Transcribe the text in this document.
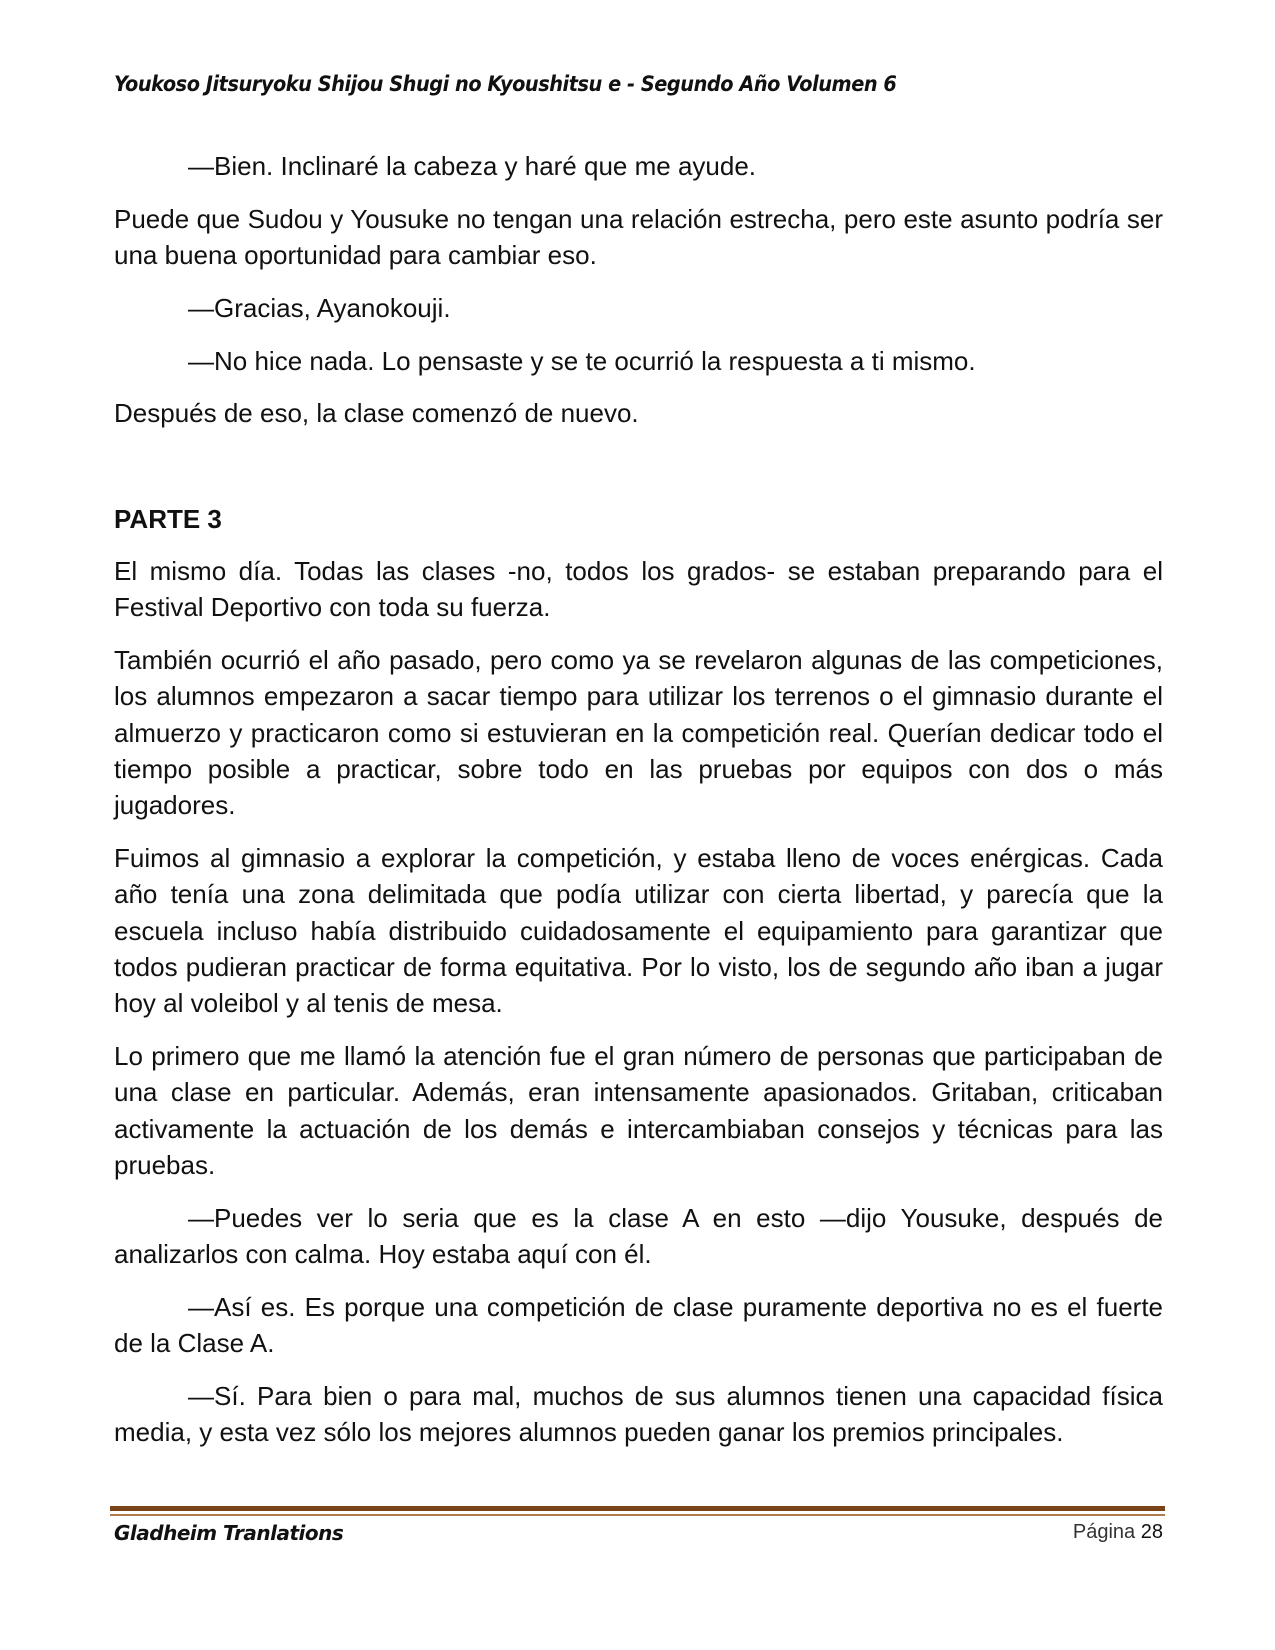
Youkoso Jitsuryoku Shijou Shugi no Kyoushitsu e - Segundo Año Volumen 6

—Bien. Inclinaré la cabeza y haré que me ayude.

Puede que Sudou y Yousuke no tengan una relación estrecha, pero este asunto podría ser una buena oportunidad para cambiar eso.

—Gracias, Ayanokouji.

—No hice nada. Lo pensaste y se te ocurrió la respuesta a ti mismo.

Después de eso, la clase comenzó de nuevo.

PARTE 3

El mismo día. Todas las clases -no, todos los grados- se estaban preparando para el Festival Deportivo con toda su fuerza.

También ocurrió el año pasado, pero como ya se revelaron algunas de las competiciones, los alumnos empezaron a sacar tiempo para utilizar los terrenos o el gimnasio durante el almuerzo y practicaron como si estuvieran en la competición real. Querían dedicar todo el tiempo posible a practicar, sobre todo en las pruebas por equipos con dos o más jugadores.

Fuimos al gimnasio a explorar la competición, y estaba lleno de voces enérgicas. Cada año tenía una zona delimitada que podía utilizar con cierta libertad, y parecía que la escuela incluso había distribuido cuidadosamente el equipamiento para garantizar que todos pudieran practicar de forma equitativa. Por lo visto, los de segundo año iban a jugar hoy al voleibol y al tenis de mesa.

Lo primero que me llamó la atención fue el gran número de personas que participaban de una clase en particular. Además, eran intensamente apasionados. Gritaban, criticaban activamente la actuación de los demás e intercambiaban consejos y técnicas para las pruebas.

—Puedes ver lo seria que es la clase A en esto —dijo Yousuke, después de analizarlos con calma. Hoy estaba aquí con él.

—Así es. Es porque una competición de clase puramente deportiva no es el fuerte de la Clase A.

—Sí. Para bien o para mal, muchos de sus alumnos tienen una capacidad física media, y esta vez sólo los mejores alumnos pueden ganar los premios principales.

Gladheim Tranlations	Página 28
